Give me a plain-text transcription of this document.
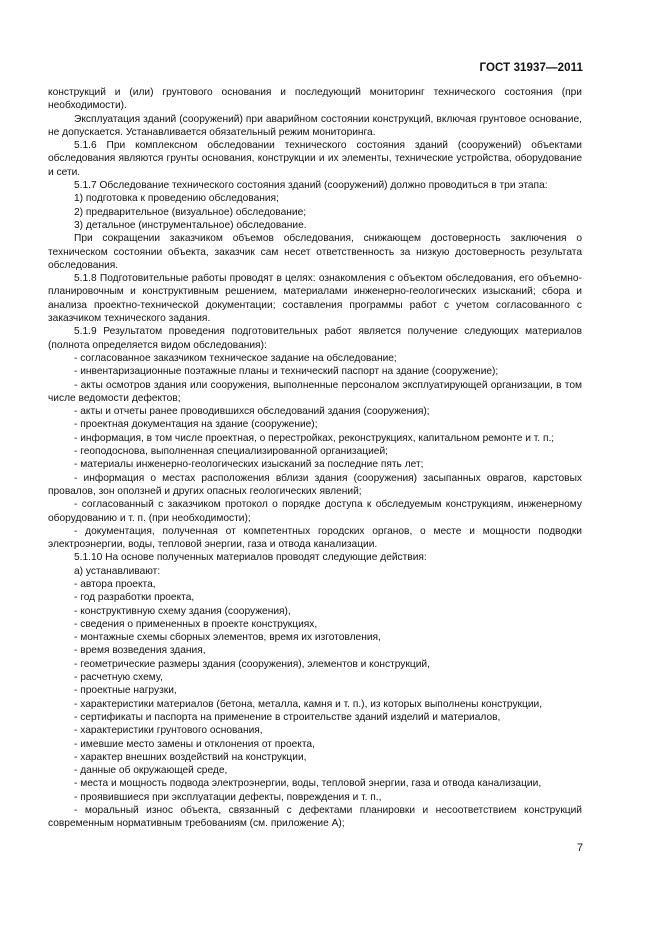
ГОСТ 31937—2011

конструкций и (или) грунтового основания и последующий мониторинг технического состояния (при необходимости).

Эксплуатация зданий (сооружений) при аварийном состоянии конструкций, включая грунтовое основание, не допускается. Устанавливается обязательный режим мониторинга.

5.1.6 При комплексном обследовании технического состояния зданий (сооружений) объектами обследования являются грунты основания, конструкции и их элементы, технические устройства, оборудование и сети.

5.1.7 Обследование технического состояния зданий (сооружений) должно проводиться в три этапа:

1) подготовка к проведению обследования;

2) предварительное (визуальное) обследование;

3) детальное (инструментальное) обследование.

При сокращении заказчиком объемов обследования, снижающем достоверность заключения о техническом состоянии объекта, заказчик сам несет ответственность за низкую достоверность результата обследования.

5.1.8 Подготовительные работы проводят в целях: ознакомления с объектом обследования, его объемно-планировочным и конструктивным решением, материалами инженерно-геологических изысканий; сбора и анализа проектно-технической документации; составления программы работ с учетом согласованного с заказчиком технического задания.

5.1.9 Результатом проведения подготовительных работ является получение следующих материалов (полнота определяется видом обследования):

- согласованное заказчиком техническое задание на обследование;

- инвентаризационные поэтажные планы и технический паспорт на здание (сооружение);

- акты осмотров здания или сооружения, выполненные персоналом эксплуатирующей организации, в том числе ведомости дефектов;

- акты и отчеты ранее проводившихся обследований здания (сооружения);

- проектная документация на здание (сооружение);

- информация, в том числе проектная, о перестройках, реконструкциях, капитальном ремонте и т. п.;

- геоподосновa, выполненная специализированной организацией;

- материалы инженерно-геологических изысканий за последние пять лет;

- информация о местах расположения вблизи здания (сооружения) засыпанных оврагов, карстовых провалов, зон оползней и других опасных геологических явлений;

- согласованный с заказчиком протокол о порядке доступа к обследуемым конструкциям, инженерному оборудованию и т. п. (при необходимости);

- документация, полученная от компетентных городских органов, о месте и мощности подводки электроэнергии, воды, тепловой энергии, газа и отвода канализации.

5.1.10 На основе полученных материалов проводят следующие действия:

а) устанавливают:

- автора проекта,

- год разработки проекта,

- конструктивную схему здания (сооружения),

- сведения о примененных в проекте конструкциях,

- монтажные схемы сборных элементов, время их изготовления,

- время возведения здания,

- геометрические размеры здания (сооружения), элементов и конструкций,

- расчетную схему,

- проектные нагрузки,

- характеристики материалов (бетона, металла, камня и т. п.), из которых выполнены конструкции,

- сертификаты и паспорта на применение в строительстве зданий изделий и материалов,

- характеристики грунтового основания,

- имевшие место замены и отклонения от проекта,

- характер внешних воздействий на конструкции,

- данные об окружающей среде,

- места и мощность подвода электроэнергии, воды, тепловой энергии, газа и отвода канализации,

- проявившиеся при эксплуатации дефекты, повреждения и т. п.,

- моральный износ объекта, связанный с дефектами планировки и несоответствием конструкций современным нормативным требованиям (см. приложение А);

7
